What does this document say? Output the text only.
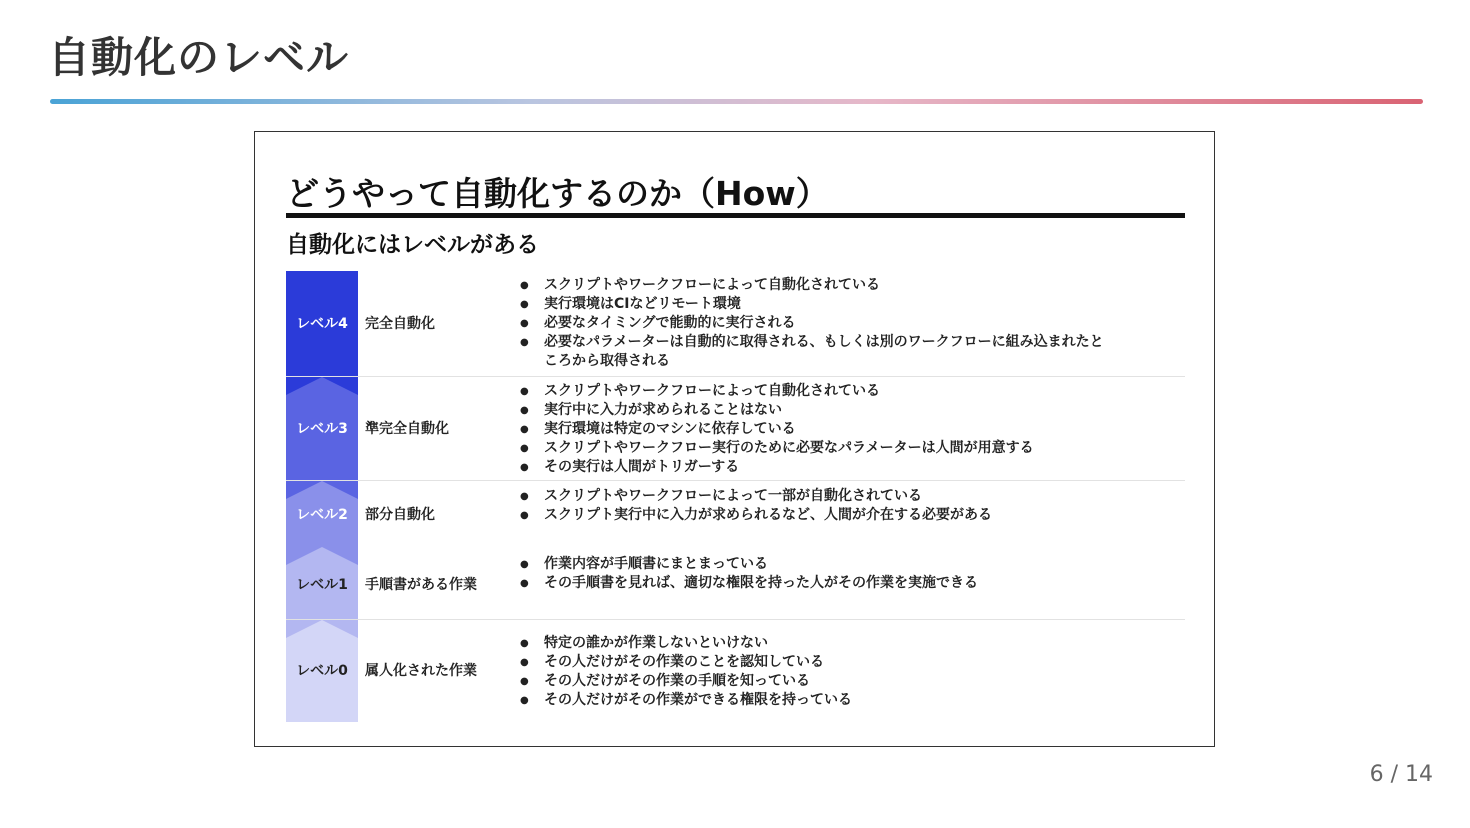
自動化のレベル
どうやって自動化するのか（How）
自動化にはレベルがある
レベル0	属人化された作業
● 特定の誰かが作業しないといけない
● その人だけがその作業のことを認知している
● その人だけがその作業の手順を知っている
● その人だけがその作業ができる権限を持っている
レベル1	手順書がある作業
● 作業内容が手順書にまとまっている
● その手順書を見れば、適切な権限を持った人がその作業を実施できる
レベル2	部分自動化
● スクリプトやワークフローによって一部が自動化されている
● スクリプト実行中に入力が求められるなど、人間が介在する必要がある
レベル3	準完全自動化
● スクリプトやワークフローによって自動化されている
● 実行中に入力が求められることはない
● 実行環境は特定のマシンに依存している
● スクリプトやワークフロー実行のために必要なパラメーターは人間が用意する
● その実行は人間がトリガーする
レベル4	完全自動化
● スクリプトやワークフローによって自動化されている
● 実行環境はCIなどリモート環境
● 必要なタイミングで能動的に実行される
● 必要なパラメーターは自動的に取得される、もしくは別のワークフローに組み込まれたと
ころから取得される
6 / 14
